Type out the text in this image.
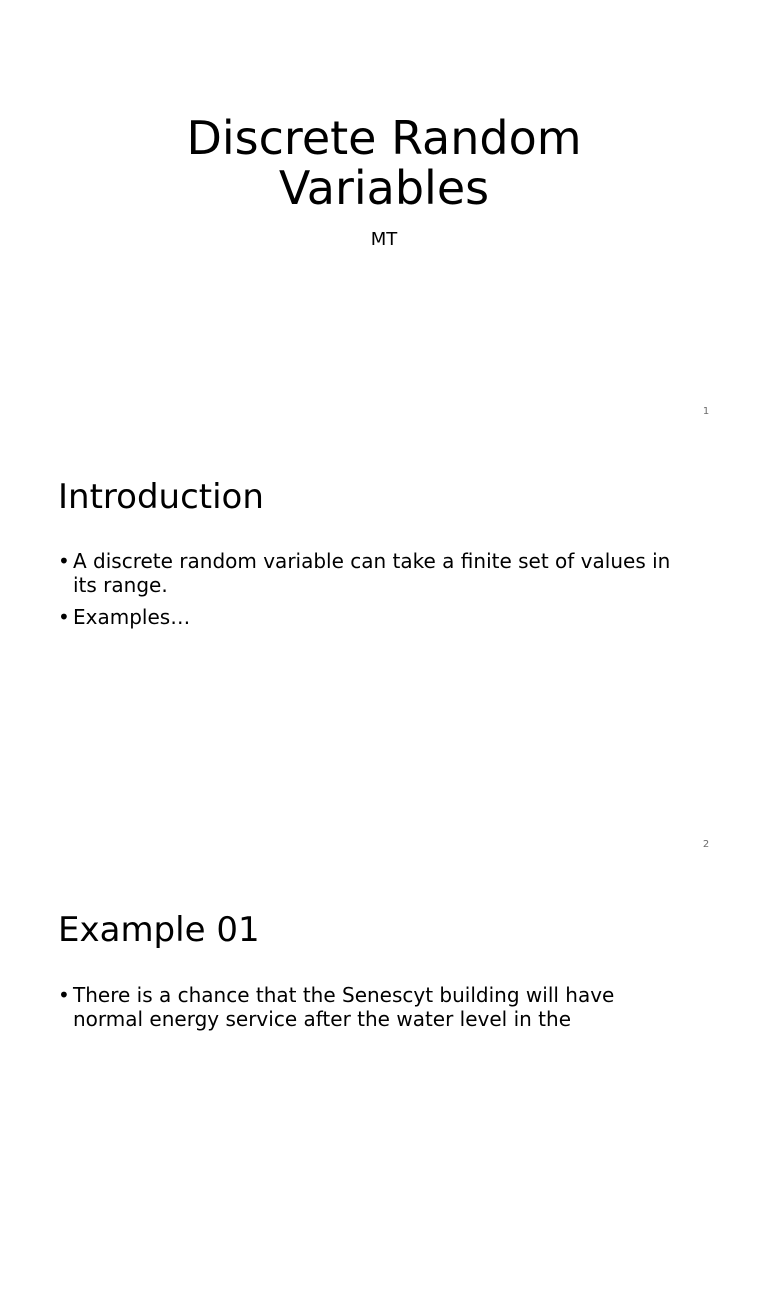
Discrete Random
Variables
MT
1
Introduction
• A discrete random variable can take a finite set of values in its range.
• Examples…
2
Example 01
• There is a chance that the Senescyt building will have normal energy service after the water level in the
